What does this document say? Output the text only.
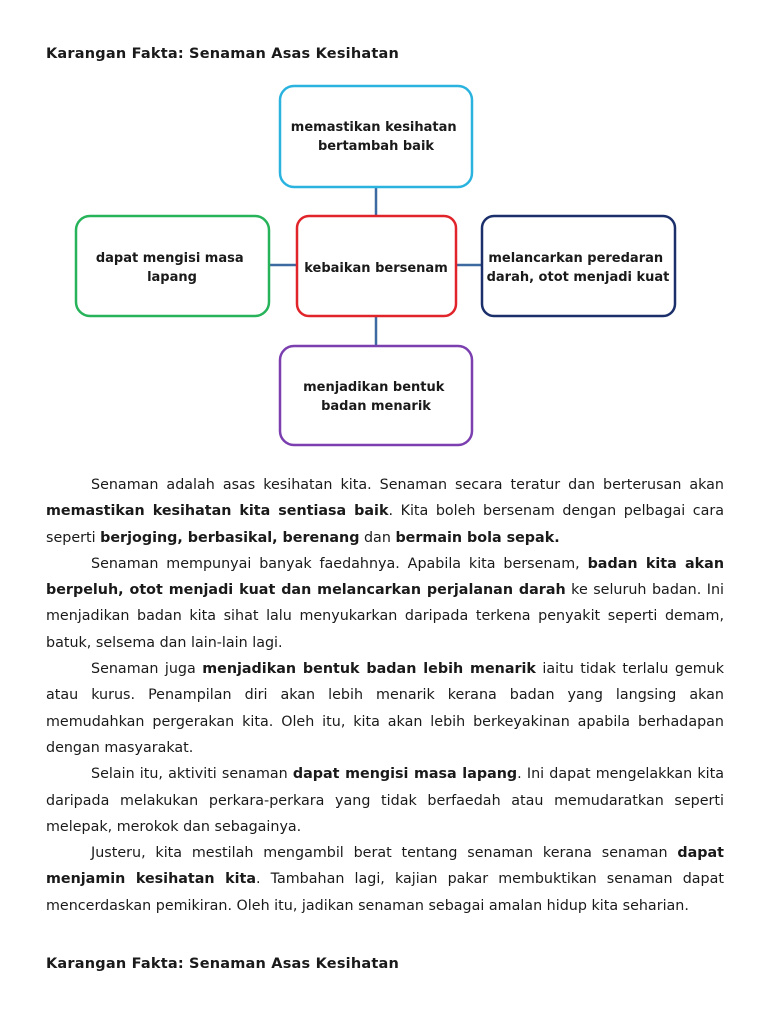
Karangan Fakta: Senaman Asas Kesihatan
memastikan kesihatan bertambah baik
dapat mengisi masa lapang
kebaikan bersenam
melancarkan peredaran darah, otot menjadi kuat
menjadikan bentuk badan menarik

Senaman adalah asas kesihatan kita. Senaman secara teratur dan berterusan akan memastikan kesihatan kita sentiasa baik. Kita boleh bersenam dengan pelbagai cara seperti berjoging, berbasikal, berenang dan bermain bola sepak.

Senaman mempunyai banyak faedahnya. Apabila kita bersenam, badan kita akan berpeluh, otot menjadi kuat dan melancarkan perjalanan darah ke seluruh badan. Ini menjadikan badan kita sihat lalu menyukarkan daripada terkena penyakit seperti demam, batuk, selsema dan lain-lain lagi.

Senaman juga menjadikan bentuk badan lebih menarik iaitu tidak terlalu gemuk atau kurus. Penampilan diri akan lebih menarik kerana badan yang langsing akan memudahkan pergerakan kita. Oleh itu, kita akan lebih berkeyakinan apabila berhadapan dengan masyarakat.

Selain itu, aktiviti senaman dapat mengisi masa lapang. Ini dapat mengelakkan kita daripada melakukan perkara-perkara yang tidak berfaedah atau memudaratkan seperti melepak, merokok dan sebagainya.

Justeru, kita mestilah mengambil berat tentang senaman kerana senaman dapat menjamin kesihatan kita. Tambahan lagi, kajian pakar membuktikan senaman dapat mencerdaskan pemikiran. Oleh itu, jadikan senaman sebagai amalan hidup kita seharian.

Karangan Fakta: Senaman Asas Kesihatan
